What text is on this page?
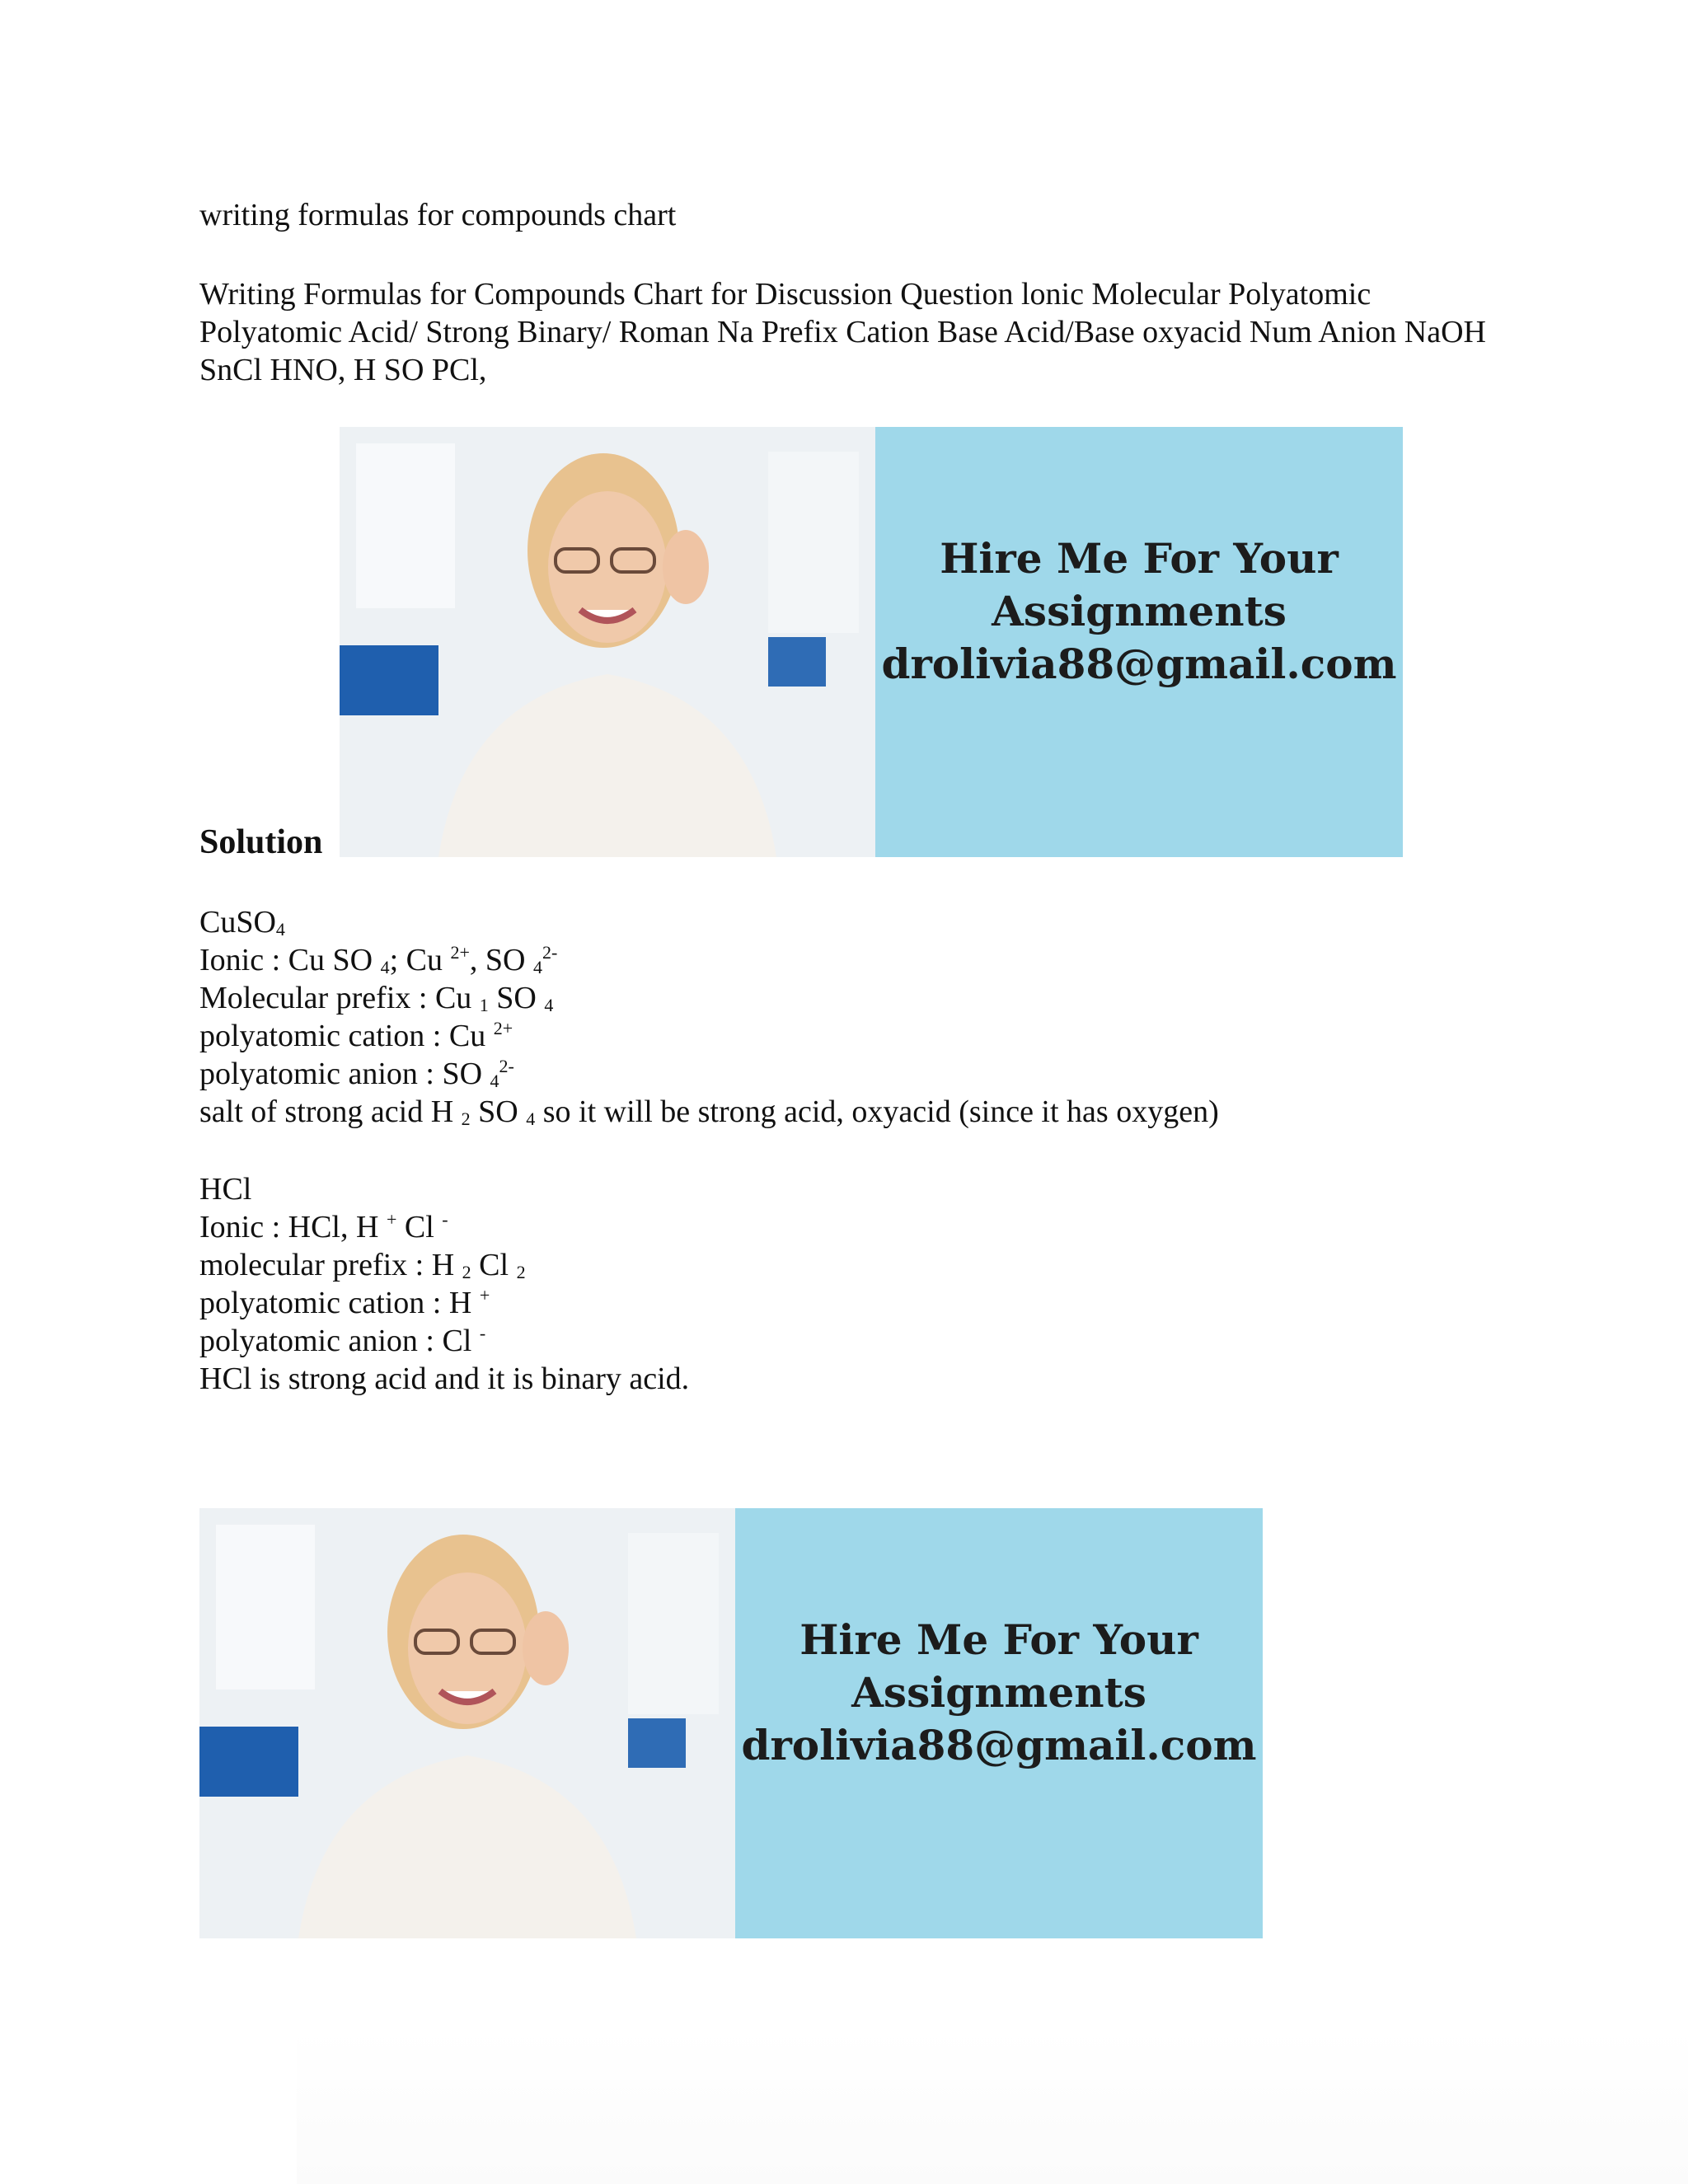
writing formulas for compounds chart
Writing Formulas for Compounds Chart for Discussion Question lonic Molecular Polyatomic Polyatomic Acid/ Strong Binary/ Roman Na Prefix Cation Base Acid/Base oxyacid Num Anion NaOH SnCl HNO, H SO PCl,
Hire Me For Your
Assignments
drolivia88@gmail.com
Solution
CuSO$_4$
Ionic : Cu SO $_4$; Cu $^{2+}$, SO $_4^{2-}$
Molecular prefix : Cu $_1$ SO $_4$
polyatomic cation : Cu $^{2+}$
polyatomic anion : SO $_4^{2-}$
salt of strong acid H $_2$ SO $_4$ so it will be strong acid, oxyacid (since it has oxygen)
HCl
Ionic : HCl, H + Cl -
molecular prefix : H $_2$ Cl $_2$
polyatomic cation : H +
polyatomic anion : Cl -
HCl is strong acid and it is binary acid.
Hire Me For Your
Assignments
drolivia88@gmail.com
